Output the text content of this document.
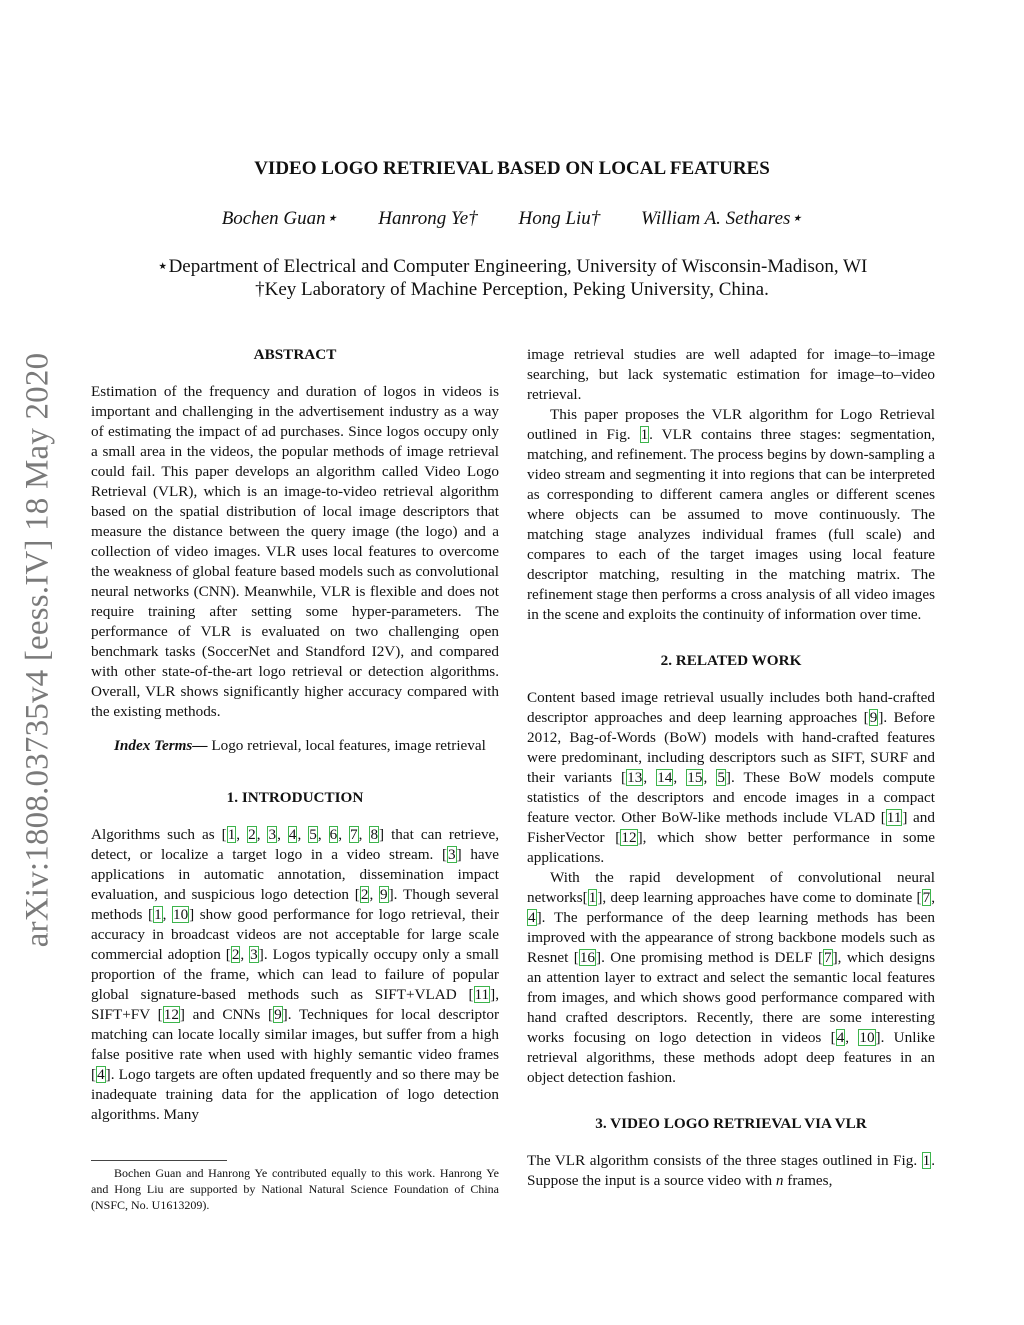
arXiv:1808.03735v4 [eess.IV] 18 May 2020
VIDEO LOGO RETRIEVAL BASED ON LOCAL FEATURES
Bochen Guan⋆ Hanrong Ye† Hong Liu† William A. Sethares⋆
⋆Department of Electrical and Computer Engineering, University of Wisconsin-Madison, WI
†Key Laboratory of Machine Perception, Peking University, China.
ABSTRACT

Estimation of the frequency and duration of logos in videos is important and challenging in the advertisement industry as a way of estimating the impact of ad purchases. Since logos occupy only a small area in the videos, the popular methods of image retrieval could fail. This paper develops an algorithm called Video Logo Retrieval (VLR), which is an image-to-video retrieval algorithm based on the spatial distribution of local image descriptors that measure the distance between the query image (the logo) and a collection of video images. VLR uses local features to overcome the weakness of global feature based models such as convolutional neural networks (CNN). Meanwhile, VLR is flexible and does not require training after setting some hyper-parameters. The performance of VLR is evaluated on two challenging open benchmark tasks (SoccerNet and Standford I2V), and compared with other state-of-the-art logo retrieval or detection algorithms. Overall, VLR shows significantly higher accuracy compared with the existing methods.

Index Terms— Logo retrieval, local features, image retrieval

1. INTRODUCTION

Algorithms such as [1, 2, 3, 4, 5, 6, 7, 8] that can retrieve, detect, or localize a target logo in a video stream. [3] have applications in automatic annotation, dissemination impact evaluation, and suspicious logo detection [2, 9]. Though several methods [1, 10] show good performance for logo retrieval, their accuracy in broadcast videos are not acceptable for large scale commercial adoption [2, 3]. Logos typically occupy only a small proportion of the frame, which can lead to failure of popular global signature-based methods such as SIFT+VLAD [11], SIFT+FV [12] and CNNs [9]. Techniques for local descriptor matching can locate locally similar images, but suffer from a high false positive rate when used with highly semantic video frames [4]. Logo targets are often updated frequently and so there may be inadequate training data for the application of logo detection algorithms. Many

Bochen Guan and Hanrong Ye contributed equally to this work. Hanrong Ye and Hong Liu are supported by National Natural Science Foundation of China (NSFC, No. U1613209).

image retrieval studies are well adapted for image–to–image searching, but lack systematic estimation for image–to–video retrieval.

This paper proposes the VLR algorithm for Logo Retrieval outlined in Fig. 1. VLR contains three stages: segmentation, matching, and refinement. The process begins by down-sampling a video stream and segmenting it into regions that can be interpreted as corresponding to different camera angles or different scenes where objects can be assumed to move continuously. The matching stage analyzes individual frames (full scale) and compares to each of the target images using local feature descriptor matching, resulting in the matching matrix. The refinement stage then performs a cross analysis of all video images in the scene and exploits the continuity of information over time.

2. RELATED WORK

Content based image retrieval usually includes both hand-crafted descriptor approaches and deep learning approaches [9]. Before 2012, Bag-of-Words (BoW) models with hand-crafted features were predominant, including descriptors such as SIFT, SURF and their variants [13, 14, 15, 5]. These BoW models compute statistics of the descriptors and encode images in a compact feature vector. Other BoW-like methods include VLAD [11] and FisherVector [12], which show better performance in some applications.

With the rapid development of convolutional neural networks[1], deep learning approaches have come to dominate [7, 4]. The performance of the deep learning methods has been improved with the appearance of strong backbone models such as Resnet [16]. One promising method is DELF [7], which designs an attention layer to extract and select the semantic local features from images, and which shows good performance compared with hand crafted descriptors. Recently, there are some interesting works focusing on logo detection in videos [4, 10]. Unlike retrieval algorithms, these methods adopt deep features in an object detection fashion.

3. VIDEO LOGO RETRIEVAL VIA VLR

The VLR algorithm consists of the three stages outlined in Fig. 1. Suppose the input is a source video with n frames,
